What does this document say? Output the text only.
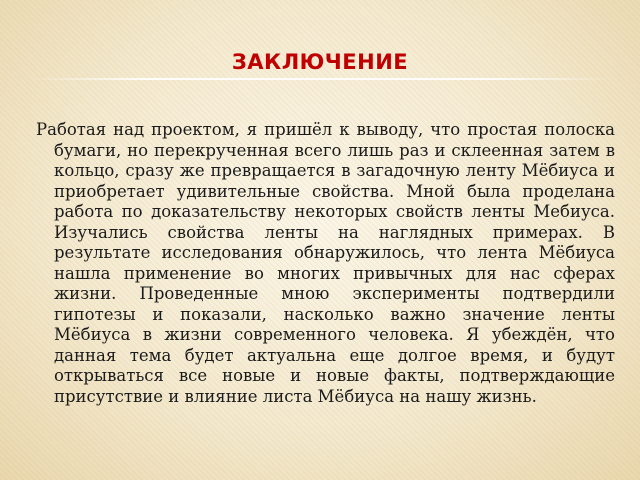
ЗАКЛЮЧЕНИЕ

Работая над проектом, я пришёл к выводу, что простая полоска бумаги, но перекрученная всего лишь раз и склеенная затем в кольцо, сразу же превращается в загадочную ленту Мёбиуса и приобретает удивительные свойства. Мной была проделана работа по доказательству некоторых свойств ленты Мебиуса. Изучались свойства ленты на наглядных примерах. В результате исследования обнаружилось, что лента Мёбиуса нашла применение во многих привычных для нас сферах жизни. Проведенные мною эксперименты подтвердили гипотезы и показали, насколько важно значение ленты Мёбиуса в жизни современного человека. Я убеждён, что данная тема будет актуальна еще долгое время, и будут открываться все новые и новые факты, подтверждающие присутствие и влияние листа Мёбиуса на нашу жизнь.
